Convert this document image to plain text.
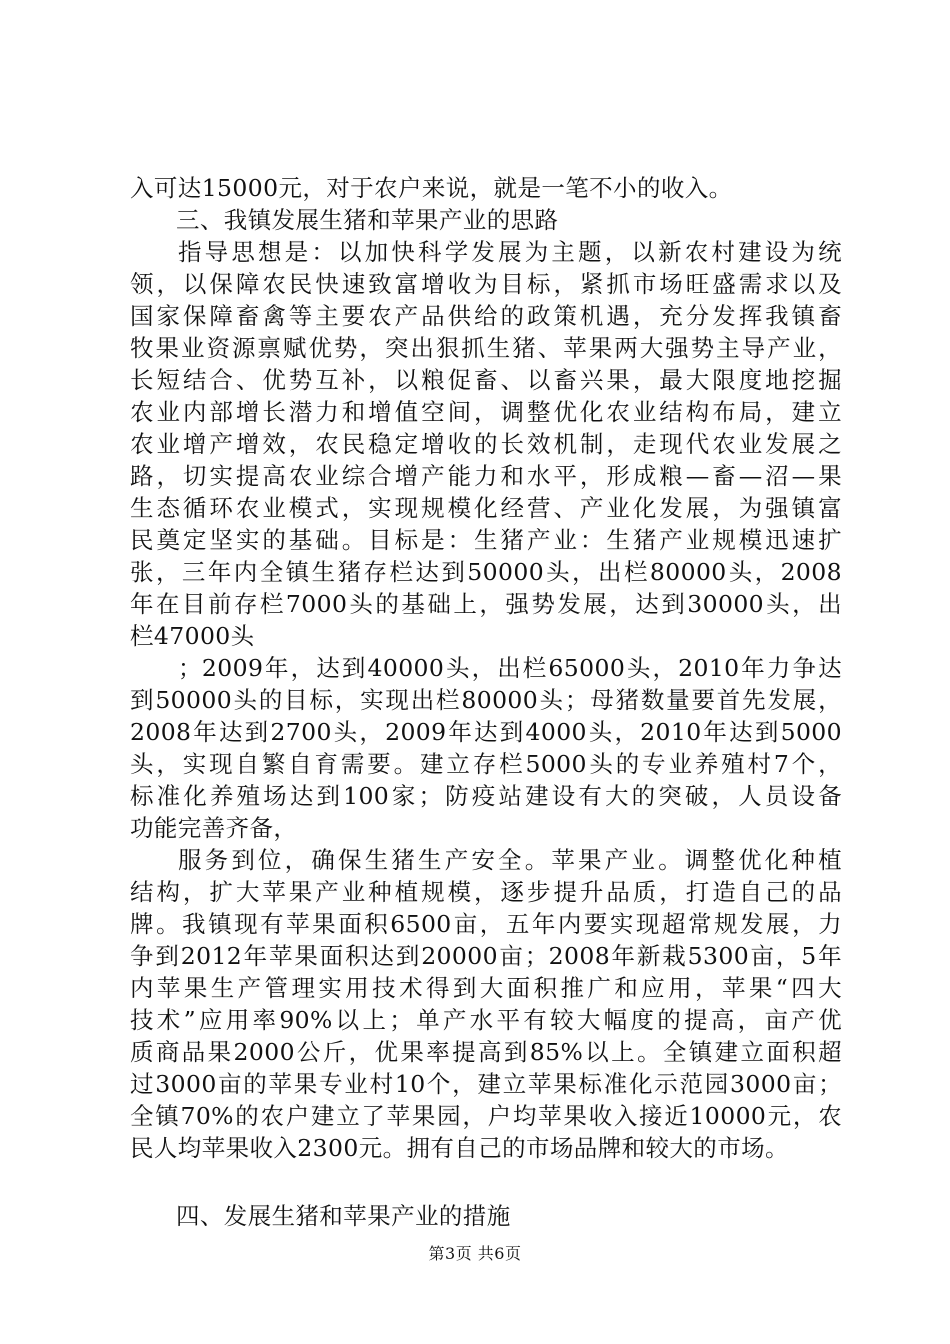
入可达15000元，对于农户来说，就是一笔不小的收入。
三、我镇发展生猪和苹果产业的思路
指导思想是：以加快科学发展为主题，以新农村建设为统
领，以保障农民快速致富增收为目标，紧抓市场旺盛需求以及
国家保障畜禽等主要农产品供给的政策机遇，充分发挥我镇畜
牧果业资源禀赋优势，突出狠抓生猪、苹果两大强势主导产业，
长短结合、优势互补，以粮促畜、以畜兴果，最大限度地挖掘
农业内部增长潜力和增值空间，调整优化农业结构布局，建立
农业增产增效，农民稳定增收的长效机制，走现代农业发展之
路，切实提高农业综合增产能力和水平，形成粮—畜—沼—果
生态循环农业模式，实现规模化经营、产业化发展，为强镇富
民奠定坚实的基础。目标是：生猪产业：生猪产业规模迅速扩
张，三年内全镇生猪存栏达到50000头，出栏80000头，2008
年在目前存栏7000头的基础上，强势发展，达到30000头，出
栏47000头
；2009年，达到40000头，出栏65000头，2010年力争达
到50000头的目标，实现出栏80000头；母猪数量要首先发展，
2008年达到2700头，2009年达到4000头，2010年达到5000
头，实现自繁自育需要。建立存栏5000头的专业养殖村7个，
标准化养殖场达到100家；防疫站建设有大的突破，人员设备
功能完善齐备，
服务到位，确保生猪生产安全。苹果产业。调整优化种植
结构，扩大苹果产业种植规模，逐步提升品质，打造自己的品
牌。我镇现有苹果面积6500亩，五年内要实现超常规发展，力
争到2012年苹果面积达到20000亩；2008年新栽5300亩，5年
内苹果生产管理实用技术得到大面积推广和应用，苹果“四大
技术”应用率90%以上；单产水平有较大幅度的提高，亩产优
质商品果2000公斤，优果率提高到85%以上。全镇建立面积超
过3000亩的苹果专业村10个，建立苹果标准化示范园3000亩；
全镇70%的农户建立了苹果园，户均苹果收入接近10000元，农
民人均苹果收入2300元。拥有自己的市场品牌和较大的市场。
四、发展生猪和苹果产业的措施
第3页 共6页
